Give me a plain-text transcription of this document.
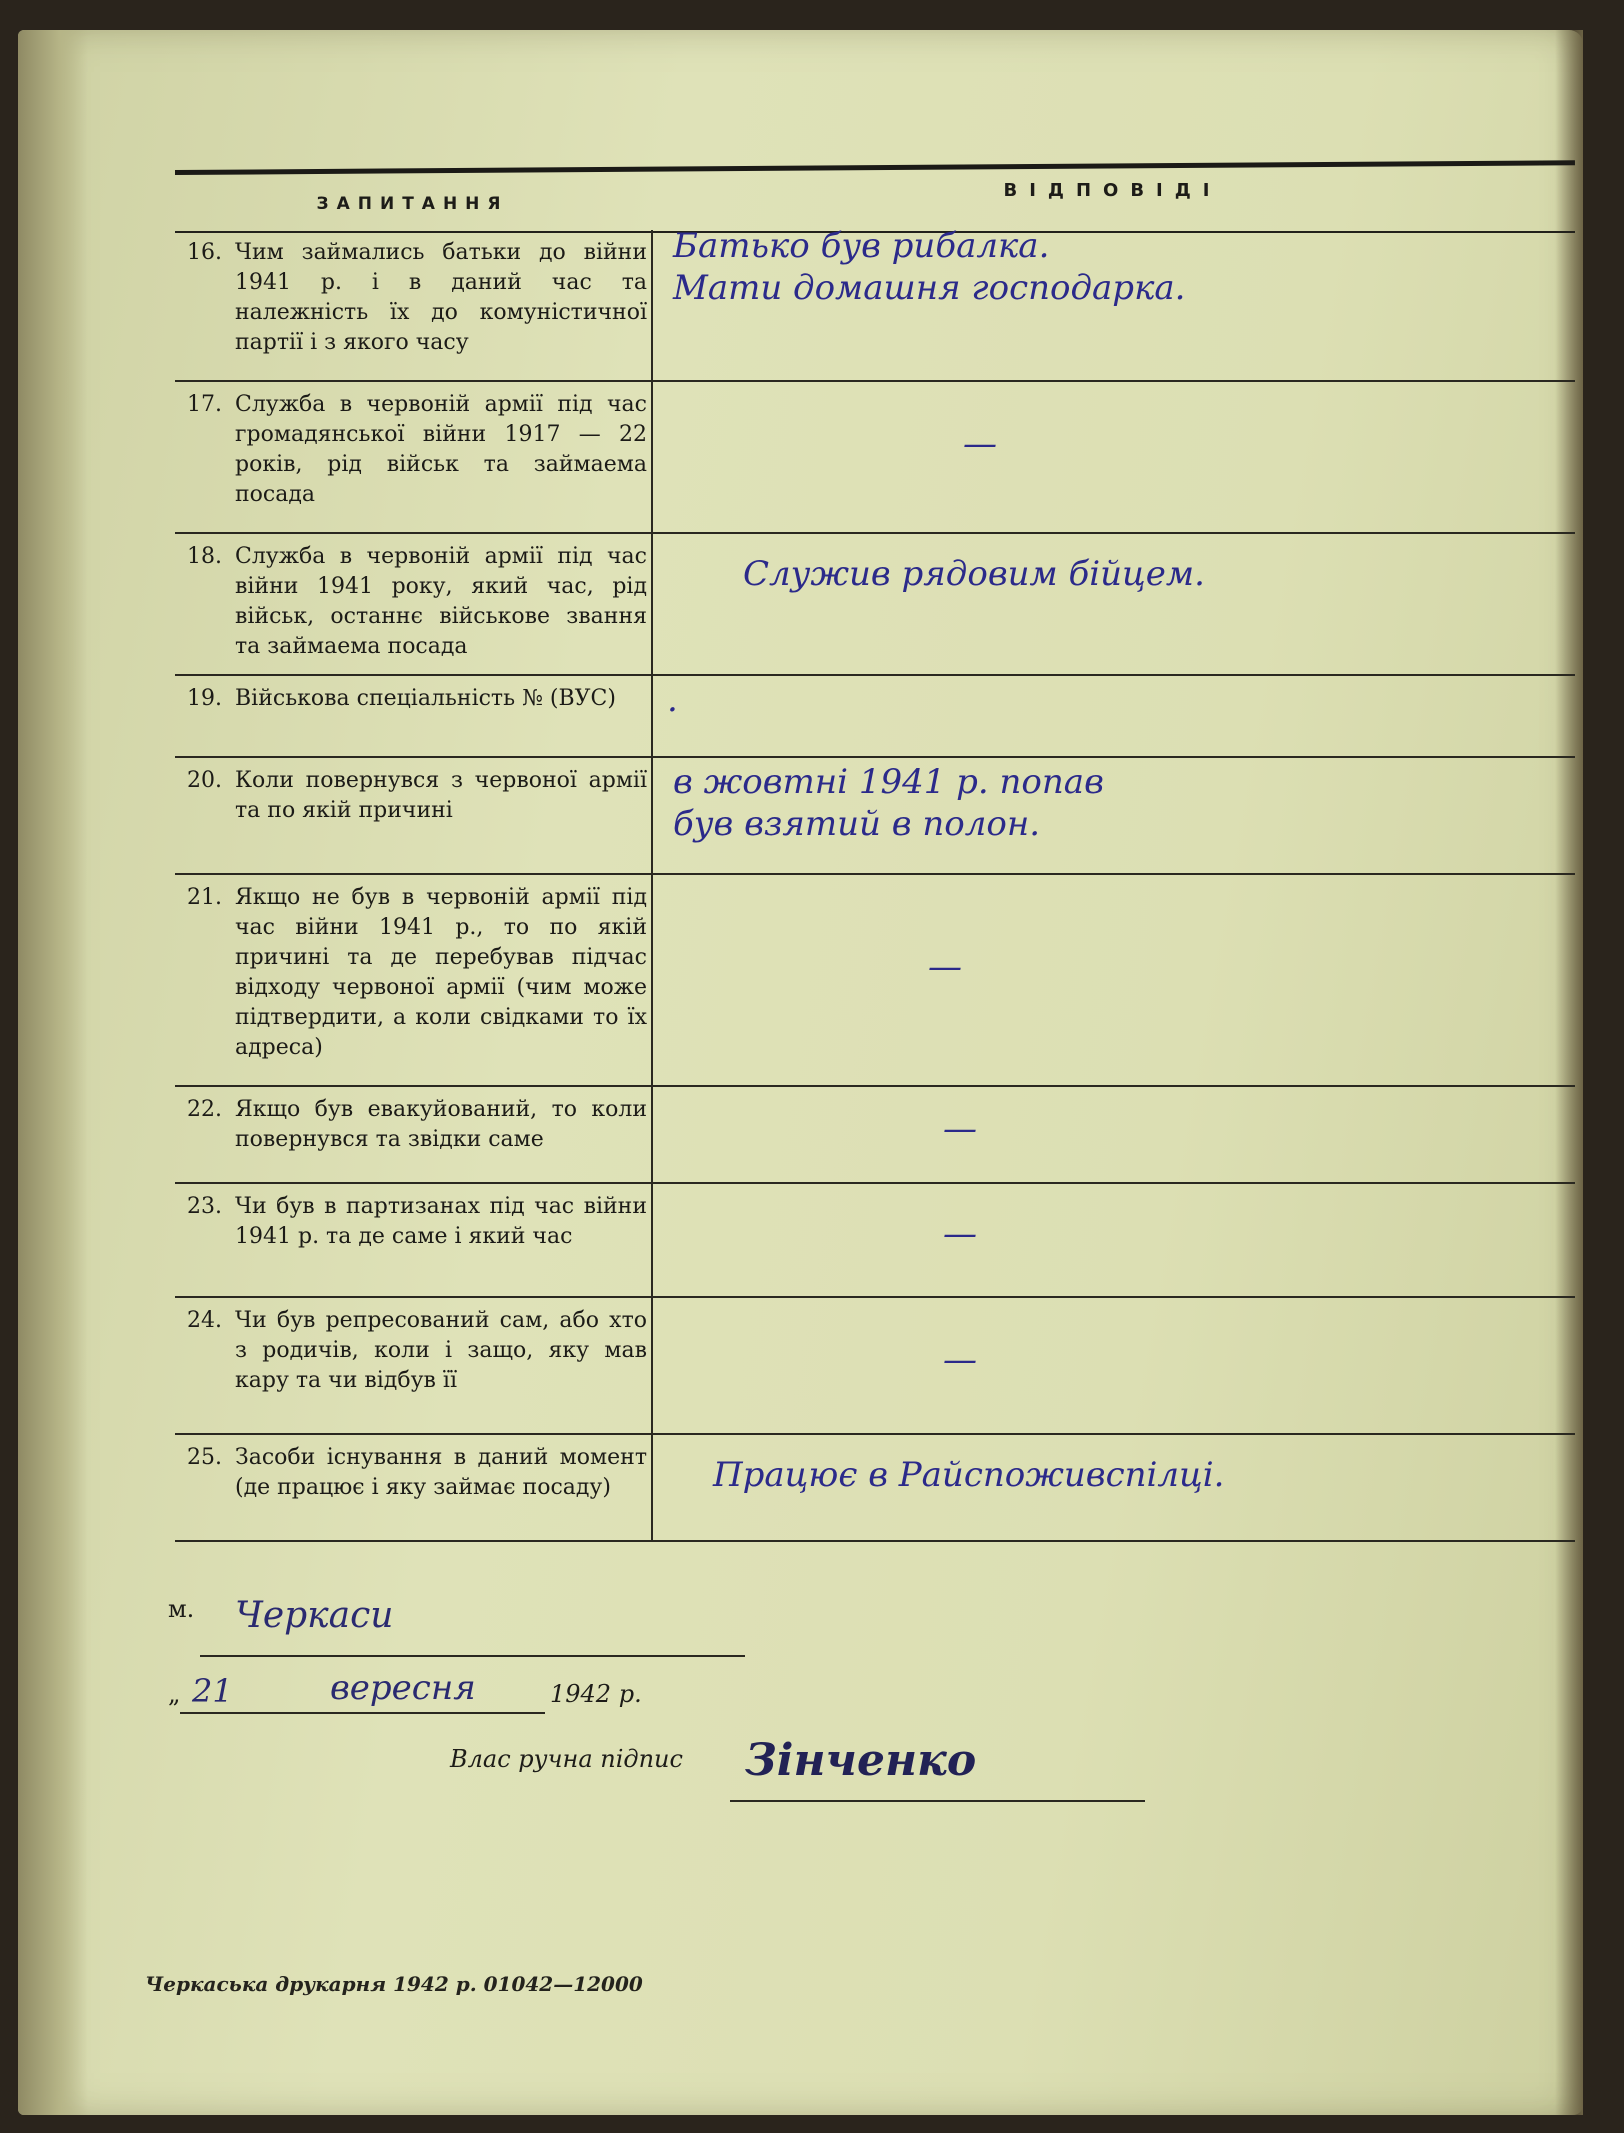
ЗАПИТАННЯ
ВІДПОВІДІ
16. Чим займались батьки до війни 1941 р. і в даний час та належність їх до комуністичної партії і з якого часу
Батько був рибалка.
Мати домашня господарка.
17. Служба в червоній армії під час громадянської війни 1917 — 22 років, рід військ та займаема посада
—
18. Служба в червоній армії під час війни 1941 року, який час, рід військ, останнє військове звання та займаема посада
Служив рядовим бійцем.
19. Військова спеціальність № (ВУС)	.
20. Коли повернувся з червоної армії та по якій причині
в жовтні 1941 р. попав
був взятий в полон.
21. Якщо не був в червоній армії під час війни 1941 р., то по якій причині та де перебував підчас відходу червоної армії (чим може підтвердити, а коли свідками то їх адреса)
—
22. Якщо був евакуйований, то коли повернувся та звідки саме	—
23. Чи був в партизанах під час війни 1941 р. та де саме і який час	—
24. Чи був репресований сам, або хто з родичів, коли і защо, яку мав кару та чи відбув її
—
25. Засоби існування в даний момент (де працює і яку займає посаду)	Працює в Райспоживспілці.
м. Черкаси
„ 21	вересня	1942 р.
Влас ручна підпис Зінченко
Черкаська друкарня 1942 р. 01042—12000
